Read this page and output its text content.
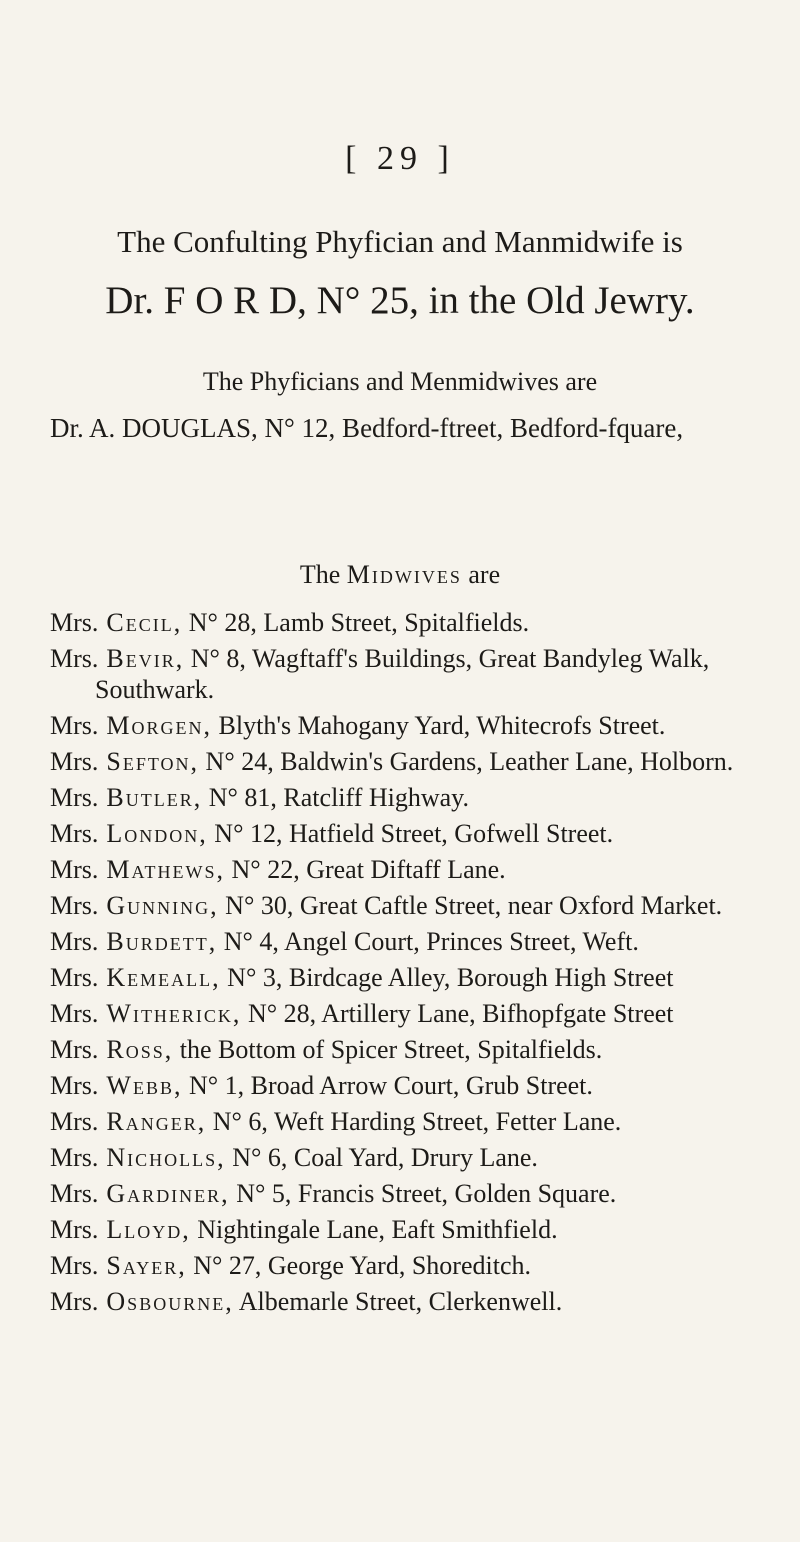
[ 29 ]
The Confulting Phyfician and Manmidwife is
Dr. F O R D, N° 25, in the Old Jewry.
The Phyficians and Menmidwives are
Dr. A. DOUGLAS, N° 12, Bedford-ftreet, Bedford-fquare,
The Midwives are
Mrs. Cecil, N° 28, Lamb Street, Spitalfields.
Mrs. Bevir, N° 8, Wagftaff's Buildings, Great Bandyleg Walk, Southwark.
Mrs. Morgen, Blyth's Mahogany Yard, Whitecrofs Street.
Mrs. Sefton, N° 24, Baldwin's Gardens, Leather Lane, Holborn.
Mrs. Butler, N° 81, Ratcliff Highway.
Mrs. London, N° 12, Hatfield Street, Gofwell Street.
Mrs. Mathews, N° 22, Great Diftaff Lane.
Mrs. Gunning, N° 30, Great Caftle Street, near Oxford Market.
Mrs. Burdett, N° 4, Angel Court, Princes Street, Weft.
Mrs. Kemeall, N° 3, Birdcage Alley, Borough High Street
Mrs. Witherick, N° 28, Artillery Lane, Bifhopfgate Street
Mrs. Ross, the Bottom of Spicer Street, Spitalfields.
Mrs. Webb, N° 1, Broad Arrow Court, Grub Street.
Mrs. Ranger, N° 6, Weft Harding Street, Fetter Lane.
Mrs. Nicholls, N° 6, Coal Yard, Drury Lane.
Mrs. Gardiner, N° 5, Francis Street, Golden Square.
Mrs. Lloyd, Nightingale Lane, Eaft Smithfield.
Mrs. Sayer, N° 27, George Yard, Shoreditch.
Mrs. Osbourne, Albemarle Street, Clerkenwell.
